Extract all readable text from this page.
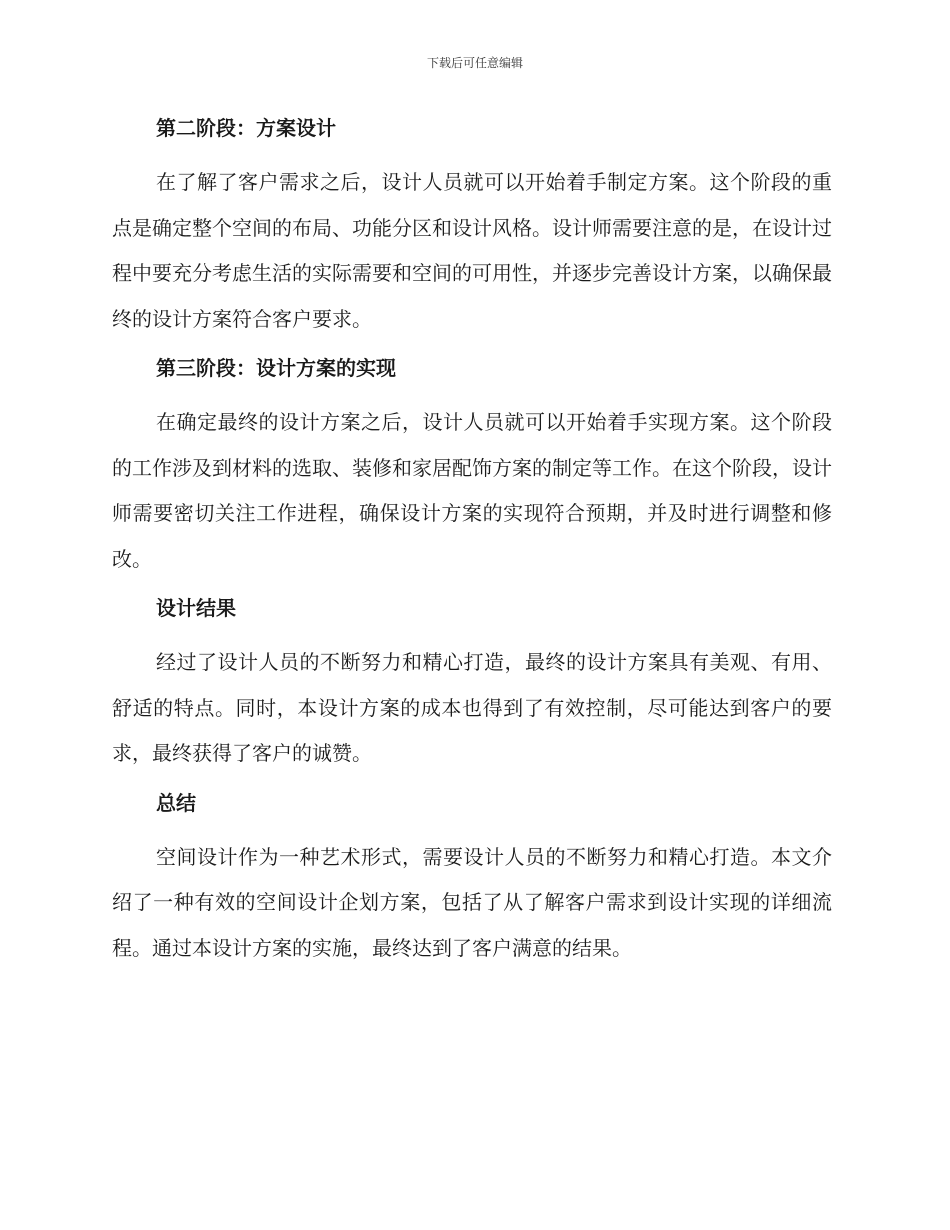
下载后可任意编辑
第二阶段：方案设计

在了解了客户需求之后，设计人员就可以开始着手制定方案。这个阶段的重点是确定整个空间的布局、功能分区和设计风格。设计师需要注意的是，在设计过程中要充分考虑生活的实际需要和空间的可用性，并逐步完善设计方案，以确保最终的设计方案符合客户要求。

第三阶段：设计方案的实现

在确定最终的设计方案之后，设计人员就可以开始着手实现方案。这个阶段的工作涉及到材料的选取、装修和家居配饰方案的制定等工作。在这个阶段，设计师需要密切关注工作进程，确保设计方案的实现符合预期，并及时进行调整和修改。

设计结果

经过了设计人员的不断努力和精心打造，最终的设计方案具有美观、有用、舒适的特点。同时，本设计方案的成本也得到了有效控制，尽可能达到客户的要求，最终获得了客户的诚赞。

总结

空间设计作为一种艺术形式，需要设计人员的不断努力和精心打造。本文介绍了一种有效的空间设计企划方案，包括了从了解客户需求到设计实现的详细流程。通过本设计方案的实施，最终达到了客户满意的结果。
